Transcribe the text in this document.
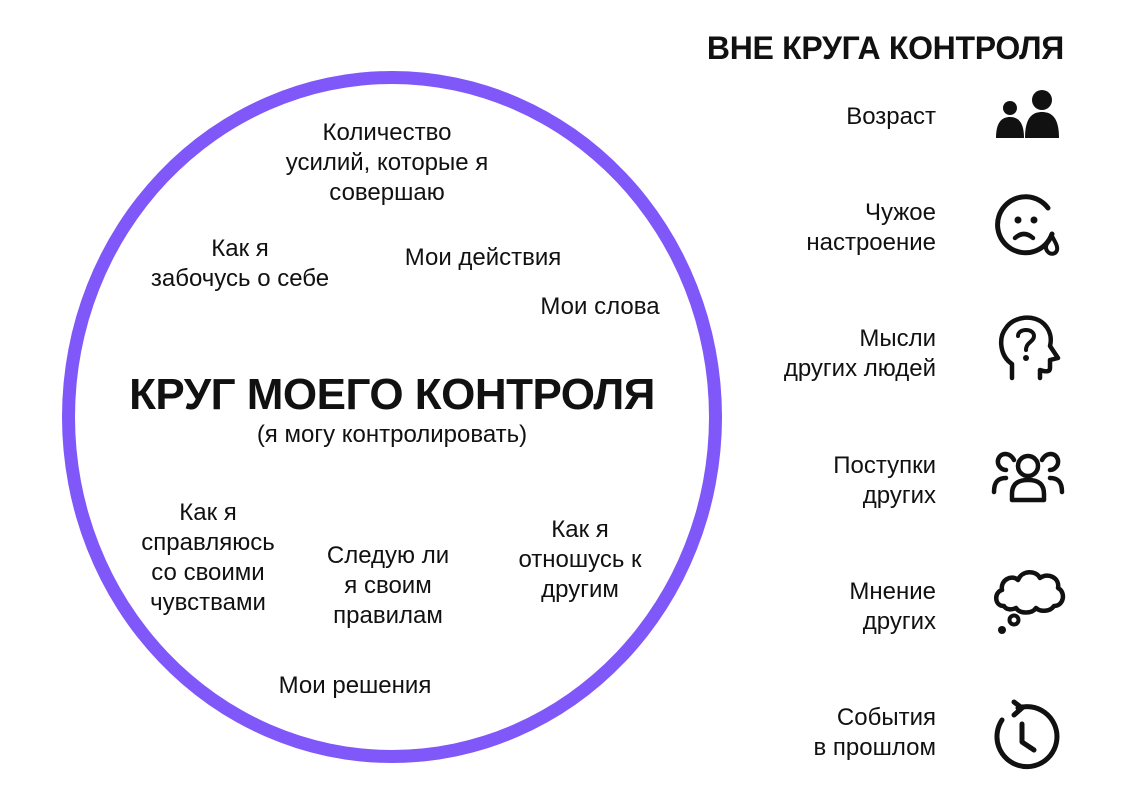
Количество
усилий, которые я
совершаю
Как я
забочусь о себе
Мои действия
Мои слова
КРУГ МОЕГО КОНТРОЛЯ
(я могу контролировать)
Как я
справляюсь
со своими
чувствами
Следую ли
я своим
правилам
Как я
отношусь к
другим
Мои решения
ВНЕ КРУГА КОНТРОЛЯ
Возраст
Чужое
настроение
Мысли
других людей
Поступки
других
Мнение
других
События
в прошлом
